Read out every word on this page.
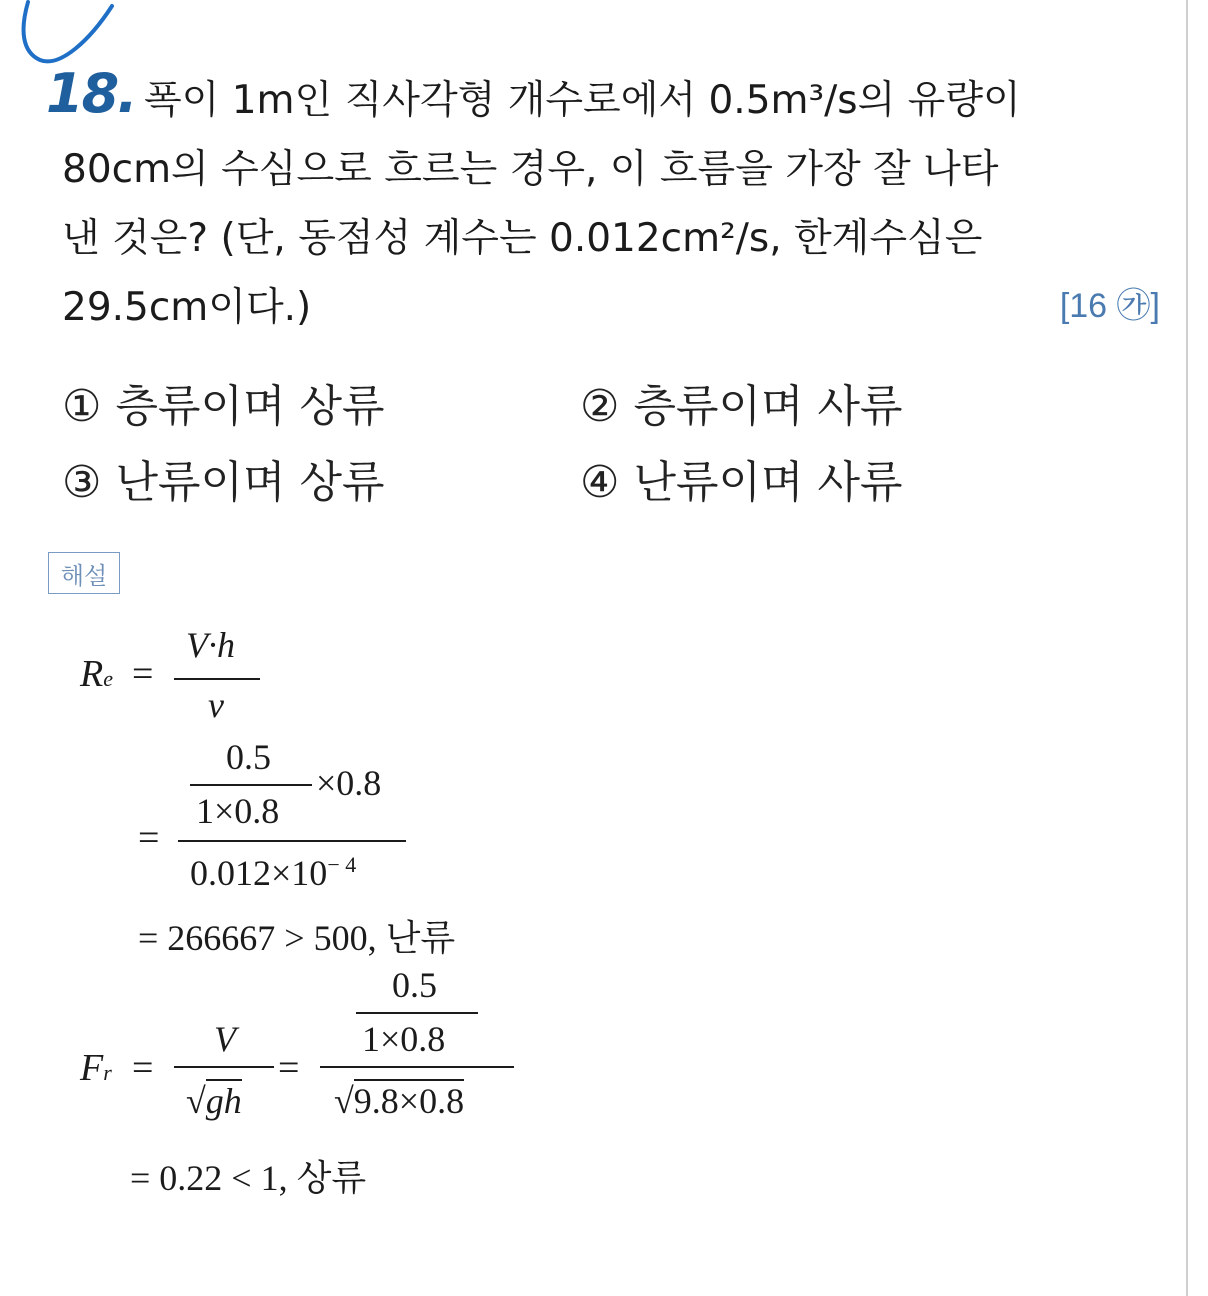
18. 폭이 1m인 직사각형 개수로에서 0.5m³/s의 유량이
80cm의 수심으로 흐르는 경우, 이 흐름을 가장 잘 나타
낸 것은? (단, 동점성 계수는 0.012cm²/s, 한계수심은
29.5cm이다.)	[16 ㉮]
① 층류이며 상류	② 층류이며 사류
③ 난류이며 상류	④ 난류이며 사류
해설
Re =
V·h
ν
0.5
1×0.8
×0.8
=
$0.012\times 10^{- 4}$
= 266667 > 500, 난류
0.5
1×0.8
Fr =
V
√gh
=
√9.8×0.8
= 0.22 < 1, 상류
